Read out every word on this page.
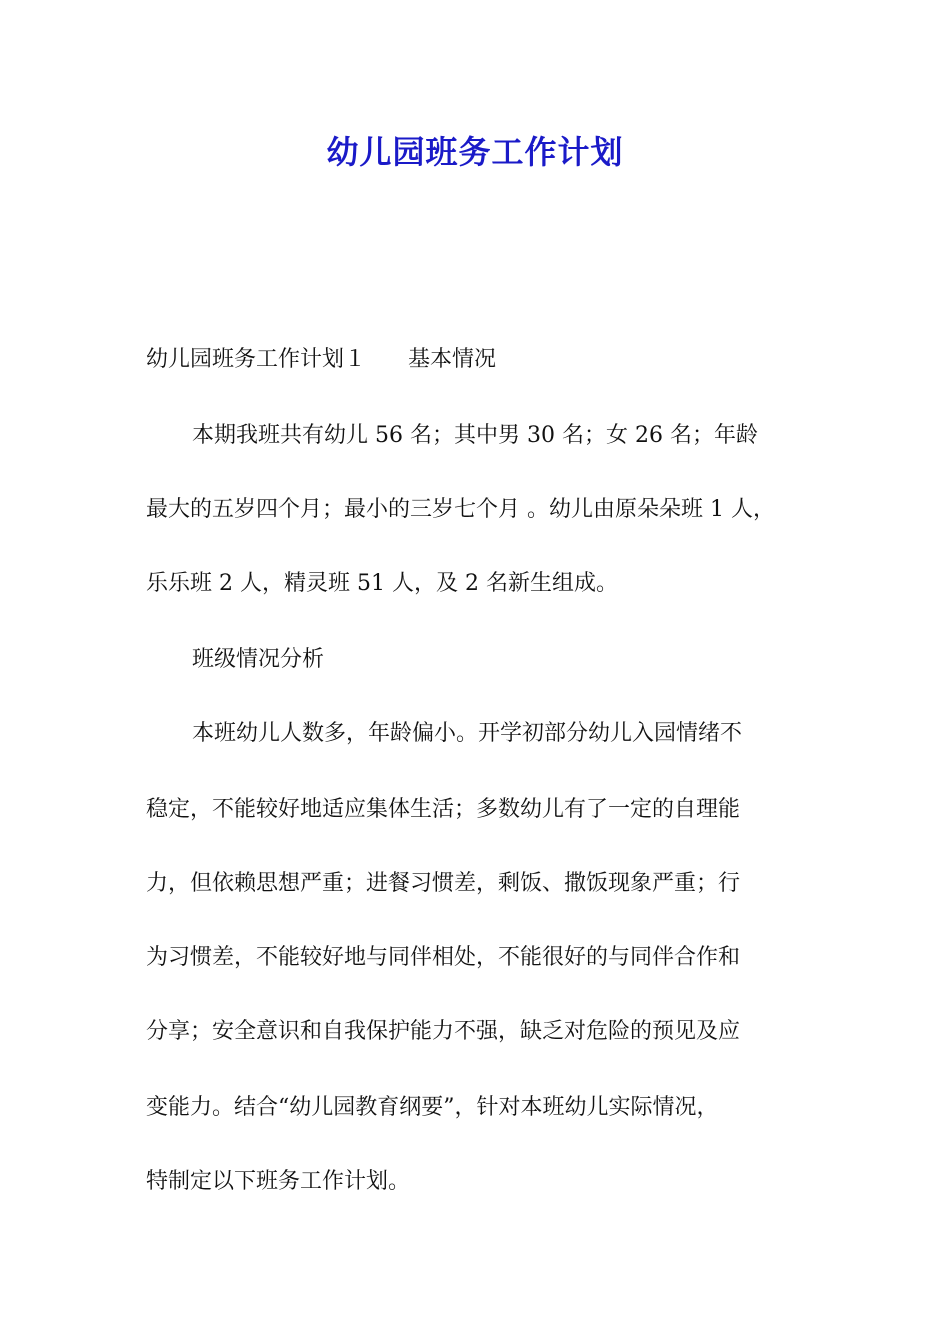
幼儿园班务工作计划
幼儿园班务工作计划１ 基本情况
本期我班共有幼儿 56 名；其中男 30 名；女 26 名；年龄
最大的五岁四个月；最小的三岁七个月 。幼儿由原朵朵班 1 人，
乐乐班 2 人，精灵班 51 人，及 2 名新生组成。
班级情况分析
本班幼儿人数多，年龄偏小。开学初部分幼儿入园情绪不
稳定，不能较好地适应集体生活；多数幼儿有了一定的自理能
力，但依赖思想严重；进餐习惯差，剩饭、撒饭现象严重；行
为习惯差，不能较好地与同伴相处，不能很好的与同伴合作和
分享；安全意识和自我保护能力不强，缺乏对危险的预见及应
变能力。结合“幼儿园教育纲要”，针对本班幼儿实际情况，
特制定以下班务工作计划。
